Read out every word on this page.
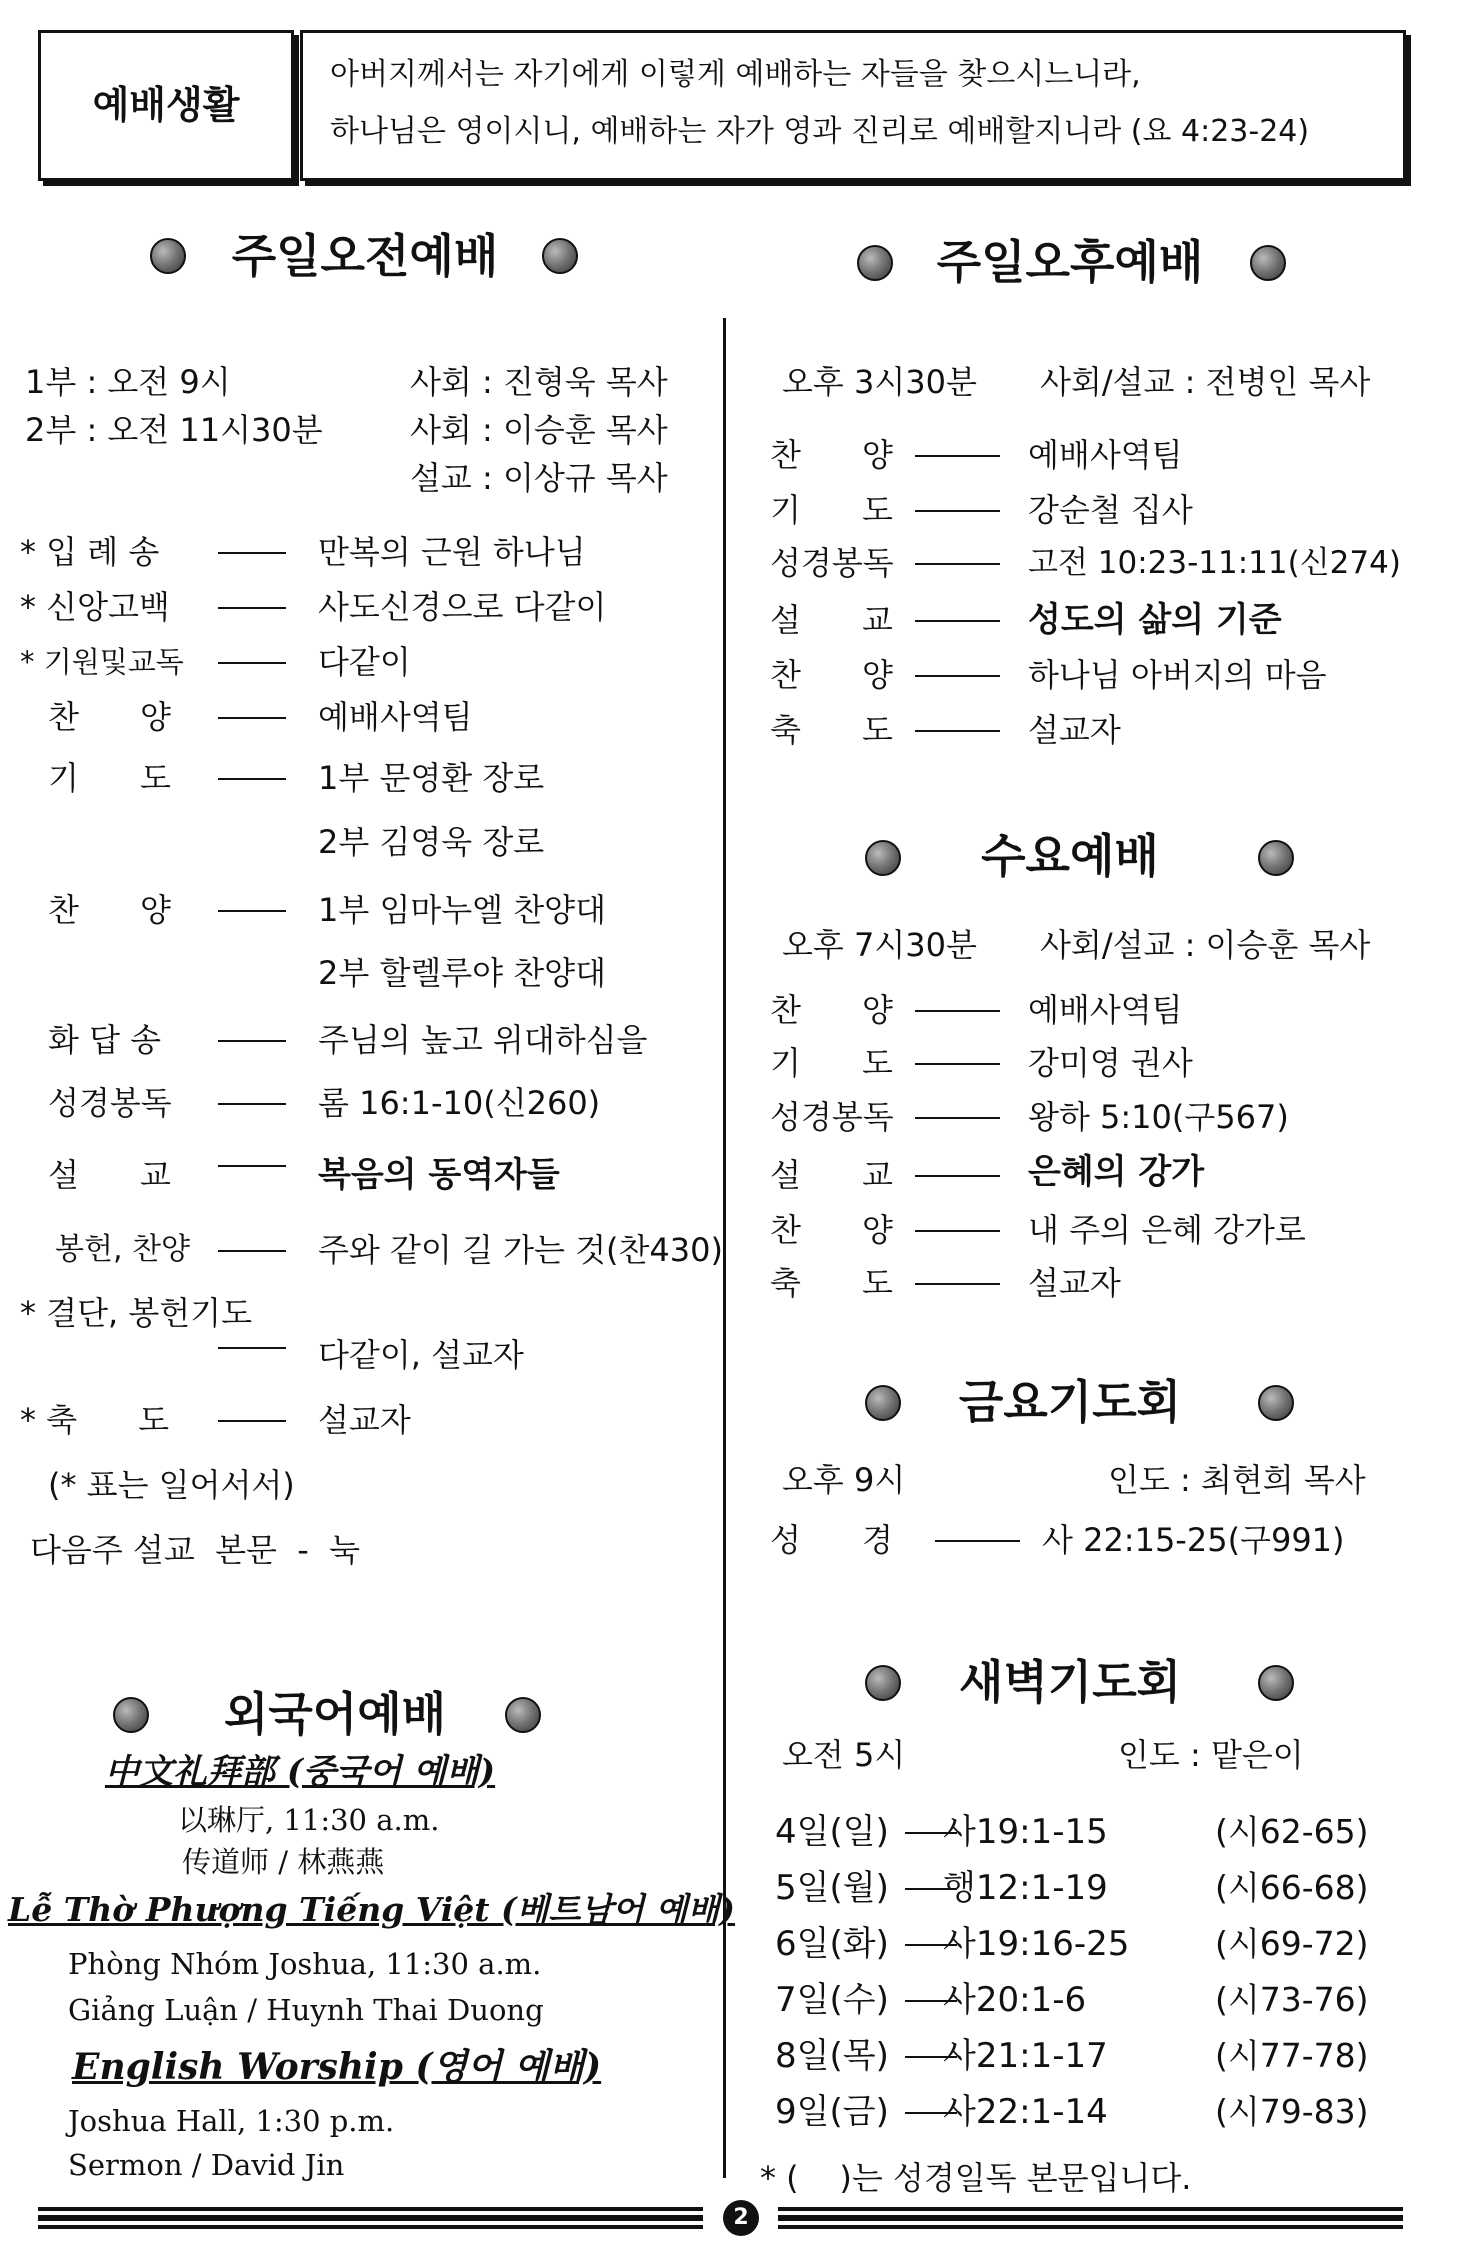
예배생활
아버지께서는 자기에게 이렇게 예배하는 자들을 찾으시느니라,
하나님은 영이시니, 예배하는 자가 영과 진리로 예배할지니라 (요 4:23-24)
주일오전예배
1부 : 오전 9시	사회 : 진형욱 목사
2부 : 오전 11시30분	사회 : 이승훈 목사
설교 : 이상규 목사
* 입 례 송	만복의 근원 하나님
* 신앙고백	사도신경으로 다같이
* 기원및교독	다같이
찬      양	예배사역팀
기      도	1부 문영환 장로
2부 김영욱 장로
찬      양	1부 임마누엘 찬양대
2부 할렐루야 찬양대
화 답 송	주님의 높고 위대하심을
성경봉독	롬 16:1-10(신260)
설      교	복음의 동역자들
봉헌, 찬양	주와 같이 길 가는 것(찬430)
* 결단, 봉헌기도
다같이, 설교자
* 축      도	설교자
(* 표는 일어서서)
다음주 설교  본문  -  눅
외국어예배
中文礼拜部 (중국어 예배)
以琳厅, 11:30 a.m.
传道师 / 林燕燕
Lễ Thờ Phượng Tiếng Việt (베트남어 예배)
Phòng Nhóm Joshua, 11:30 a.m.
Giảng Luận / Huynh Thai Duong
English Worship (영어 예배)
Joshua Hall, 1:30 p.m.
Sermon / David Jin
주일오후예배
오후 3시30분 사회/설교 : 전병인 목사
찬      양	예배사역팀
기      도	강순철 집사
성경봉독	고전 10:23-11:11(신274)
설      교	성도의 삶의 기준
찬      양	하나님 아버지의 마음
축      도	설교자
수요예배
오후 7시30분 사회/설교 : 이승훈 목사
찬      양	예배사역팀
기      도	강미영 권사
성경봉독	왕하 5:10(구567)
설      교	은혜의 강가
찬      양	내 주의 은혜 강가로
축      도	설교자
금요기도회
오후 9시	인도 : 최현희 목사
성      경	사 22:15-25(구991)
새벽기도회
오전 5시	인도 : 맡은이
4일(일) 사19:1-15	(시62-65)
5일(월) 행12:1-19	(시66-68)
6일(화) 사19:16-25	(시69-72)
7일(수) 사20:1-6	(시73-76)
8일(목) 사21:1-17	(시77-78)
9일(금) 사22:1-14	(시79-83)
* (    )는 성경일독 본문입니다.
2
